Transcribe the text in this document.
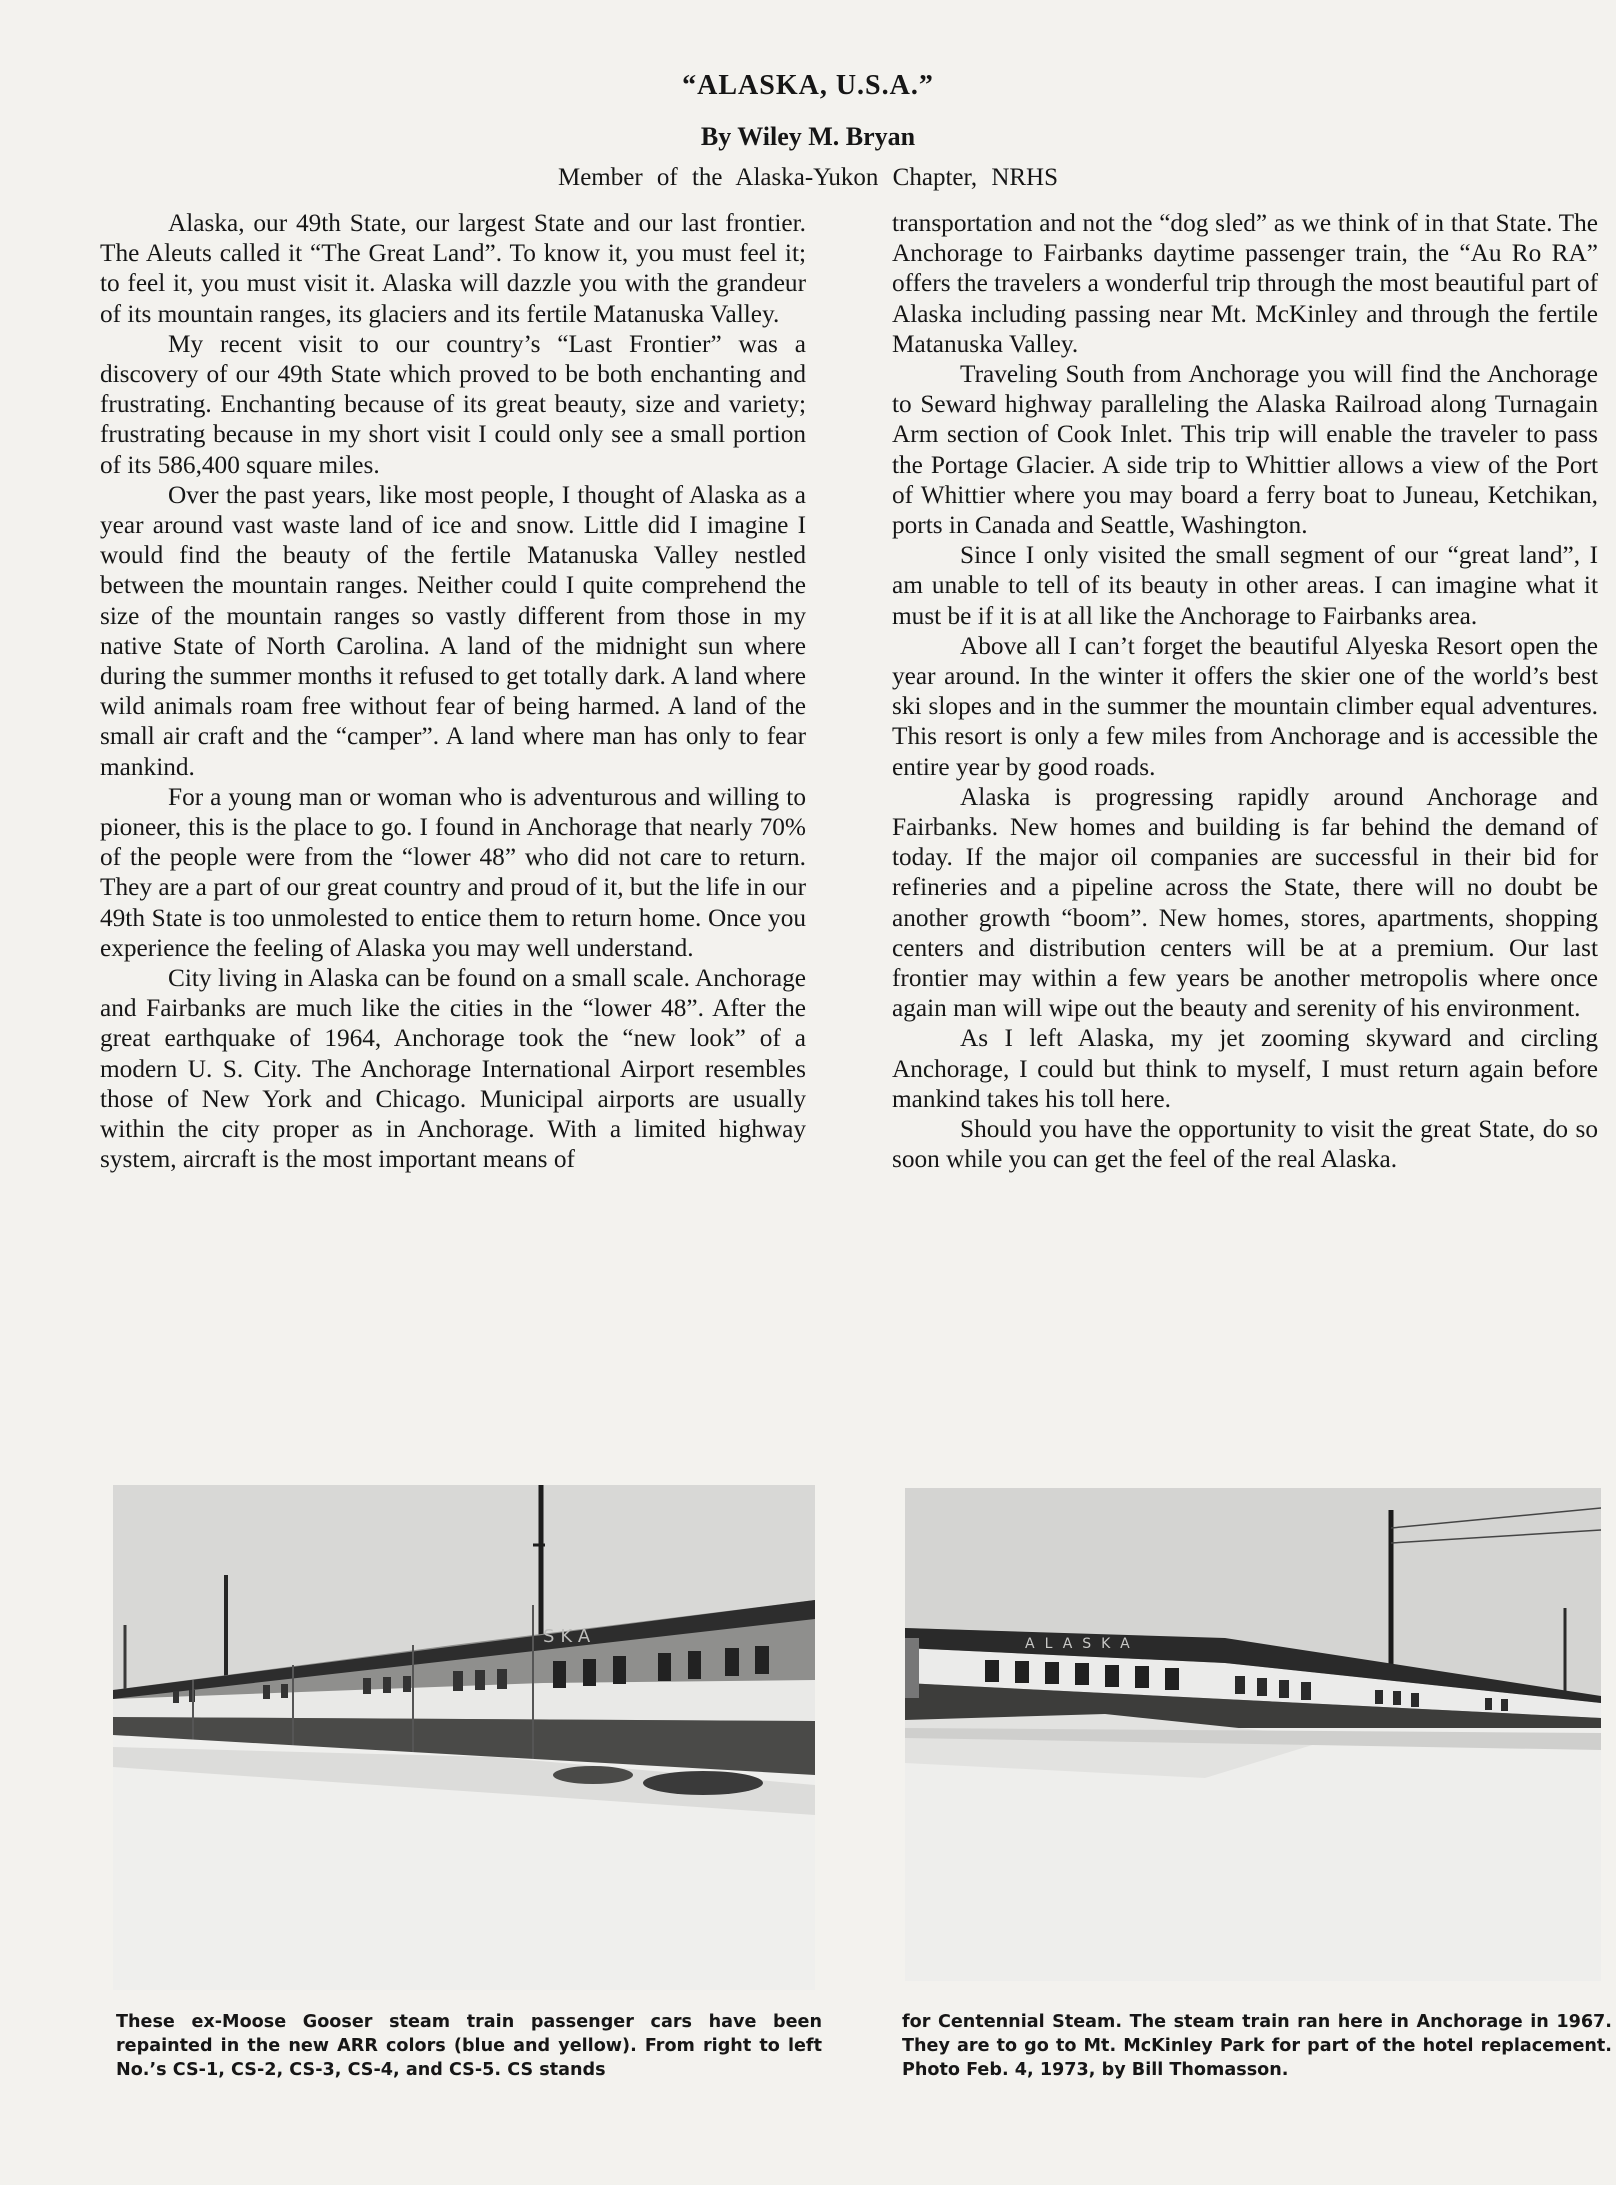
“ALASKA, U.S.A.”
By Wiley M. Bryan
Member of the Alaska-Yukon Chapter, NRHS

Alaska, our 49th State, our largest State and our last frontier. The Aleuts called it “The Great Land”. To know it, you must feel it; to feel it, you must visit it. Alaska will dazzle you with the grandeur of its mountain ranges, its glaciers and its fertile Matanuska Valley.

My recent visit to our country’s “Last Frontier” was a discovery of our 49th State which proved to be both enchanting and frustrating. Enchanting because of its great beauty, size and variety; frustrating because in my short visit I could only see a small portion of its 586,400 square miles.

Over the past years, like most people, I thought of Alaska as a year around vast waste land of ice and snow. Little did I imagine I would find the beauty of the fertile Matanuska Valley nestled between the mountain ranges. Neither could I quite comprehend the size of the mountain ranges so vastly different from those in my native State of North Carolina. A land of the midnight sun where during the summer months it refused to get totally dark. A land where wild animals roam free without fear of being harmed. A land of the small air craft and the “camper”. A land where man has only to fear mankind.

For a young man or woman who is adventurous and willing to pioneer, this is the place to go. I found in Anchorage that nearly 70% of the people were from the “lower 48” who did not care to return. They are a part of our great country and proud of it, but the life in our 49th State is too unmolested to entice them to return home. Once you experience the feeling of Alaska you may well understand.

City living in Alaska can be found on a small scale. Anchorage and Fairbanks are much like the cities in the “lower 48”. After the great earthquake of 1964, Anchorage took the “new look” of a modern U. S. City. The Anchorage International Airport resembles those of New York and Chicago. Municipal airports are usually within the city proper as in Anchorage. With a limited highway system, aircraft is the most important means of

transportation and not the “dog sled” as we think of in that State. The Anchorage to Fairbanks daytime passenger train, the “Au Ro RA” offers the travelers a wonderful trip through the most beautiful part of Alaska including passing near Mt. McKinley and through the fertile Matanuska Valley.

Traveling South from Anchorage you will find the Anchorage to Seward highway paralleling the Alaska Railroad along Turnagain Arm section of Cook Inlet. This trip will enable the traveler to pass the Portage Glacier. A side trip to Whittier allows a view of the Port of Whittier where you may board a ferry boat to Juneau, Ketchikan, ports in Canada and Seattle, Washington.

Since I only visited the small segment of our “great land”, I am unable to tell of its beauty in other areas. I can imagine what it must be if it is at all like the Anchorage to Fairbanks area.

Above all I can’t forget the beautiful Alyeska Resort open the year around. In the winter it offers the skier one of the world’s best ski slopes and in the summer the mountain climber equal adventures. This resort is only a few miles from Anchorage and is accessible the entire year by good roads.

Alaska is progressing rapidly around Anchorage and Fairbanks. New homes and building is far behind the demand of today. If the major oil companies are successful in their bid for refineries and a pipeline across the State, there will no doubt be another growth “boom”. New homes, stores, apartments, shopping centers and distribution centers will be at a premium. Our last frontier may within a few years be another metropolis where once again man will wipe out the beauty and serenity of his environment.

As I left Alaska, my jet zooming skyward and circling Anchorage, I could but think to myself, I must return again before mankind takes his toll here.

Should you have the opportunity to visit the great State, do so soon while you can get the feel of the real Alaska.

SKA	ALASKA
These ex-Moose Gooser steam train passenger cars have been repainted in the new ARR colors (blue and yellow). From right to left No.’s CS-1, CS-2, CS-3, CS-4, and CS-5. CS stands
for Centennial Steam. The steam train ran here in Anchorage in 1967. They are to go to Mt. McKinley Park for part of the hotel replacement. Photo Feb. 4, 1973, by Bill Thomasson.
